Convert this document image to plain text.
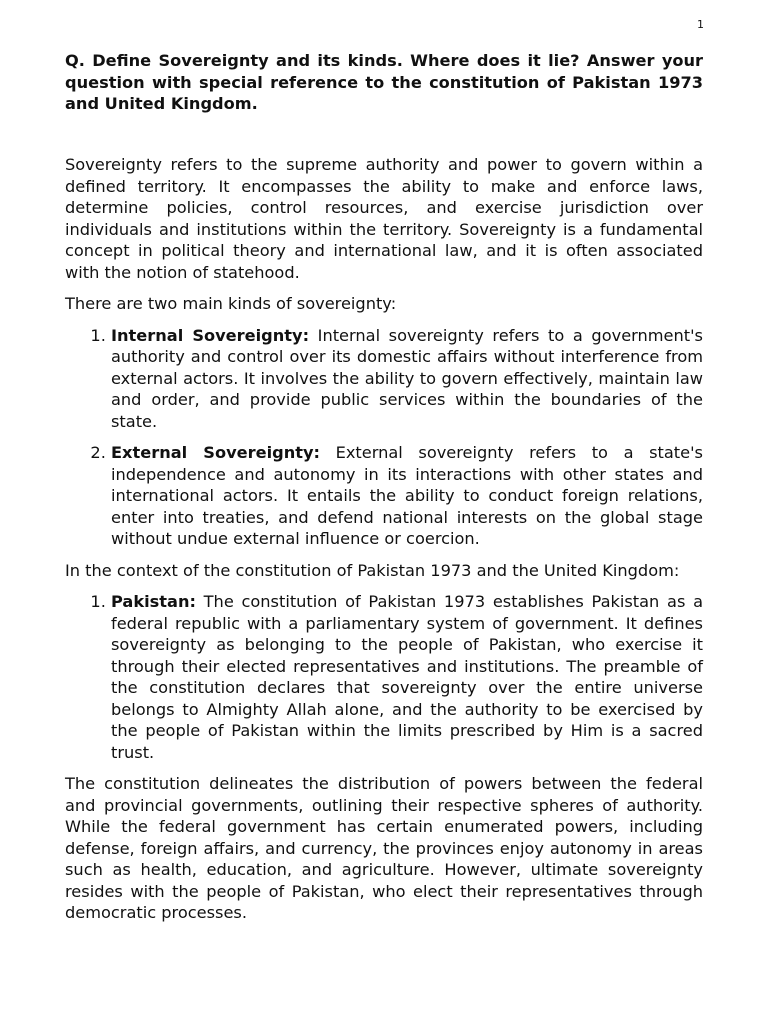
1
Q. Define Sovereignty and its kinds. Where does it lie? Answer your question with special reference to the constitution of Pakistan 1973 and United Kingdom.

Sovereignty refers to the supreme authority and power to govern within a defined territory. It encompasses the ability to make and enforce laws, determine policies, control resources, and exercise jurisdiction over individuals and institutions within the territory. Sovereignty is a fundamental concept in political theory and international law, and it is often associated with the notion of statehood.

There are two main kinds of sovereignty:

1. Internal Sovereignty: Internal sovereignty refers to a government's authority and control over its domestic affairs without interference from external actors. It involves the ability to govern effectively, maintain law and order, and provide public services within the boundaries of the state.
2. External Sovereignty: External sovereignty refers to a state's independence and autonomy in its interactions with other states and international actors. It entails the ability to conduct foreign relations, enter into treaties, and defend national interests on the global stage without undue external influence or coercion.

In the context of the constitution of Pakistan 1973 and the United Kingdom:

1. Pakistan: The constitution of Pakistan 1973 establishes Pakistan as a federal republic with a parliamentary system of government. It defines sovereignty as belonging to the people of Pakistan, who exercise it through their elected representatives and institutions. The preamble of the constitution declares that sovereignty over the entire universe belongs to Almighty Allah alone, and the authority to be exercised by the people of Pakistan within the limits prescribed by Him is a sacred trust.

The constitution delineates the distribution of powers between the federal and provincial governments, outlining their respective spheres of authority. While the federal government has certain enumerated powers, including defense, foreign affairs, and currency, the provinces enjoy autonomy in areas such as health, education, and agriculture. However, ultimate sovereignty resides with the people of Pakistan, who elect their representatives through democratic processes.
